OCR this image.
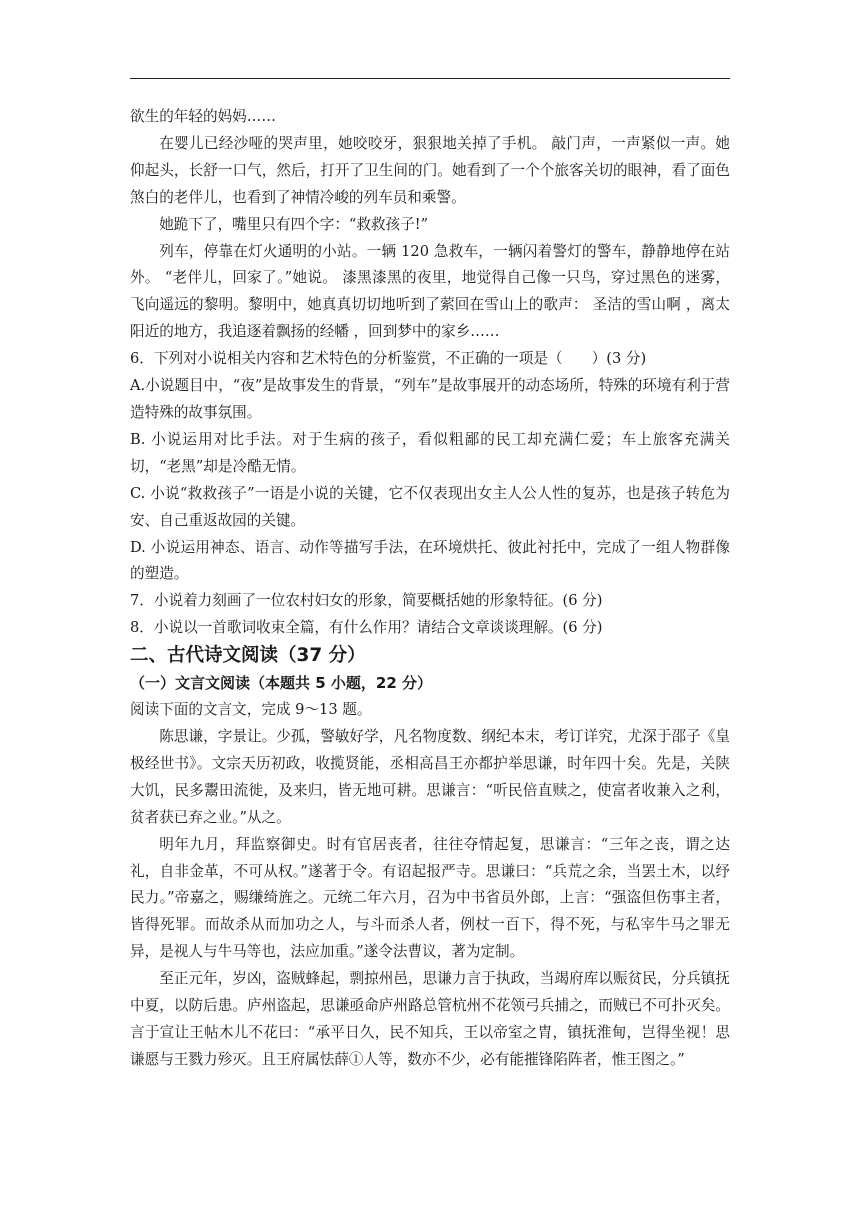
欲生的年轻的妈妈……

在婴儿已经沙哑的哭声里，她咬咬牙，狠狠地关掉了手机。 敲门声，一声紧似一声。她仰起头，长舒一口气，然后，打开了卫生间的门。她看到了一个个旅客关切的眼神，看了面色煞白的老伴儿，也看到了神情冷峻的列车员和乘警。

她跪下了，嘴里只有四个字：“救救孩子!”

列车，停靠在灯火通明的小站。一辆 120 急救车，一辆闪着警灯的警车，静静地停在站外。 “老伴儿，回家了。”她说。 漆黑漆黑的夜里，地觉得自己像一只鸟，穿过黑色的迷雾，飞向遥远的黎明。黎明中，她真真切切地听到了萦回在雪山上的歌声： 圣洁的雪山啊 ，离太阳近的地方，我追逐着飘扬的经幡 ，回到梦中的家乡……

6．下列对小说相关内容和艺术特色的分析鉴赏，不正确的一项是（　　）(3 分)

A.小说题目中，“夜”是故事发生的背景，“列车”是故事展开的动态场所，特殊的环境有利于营造特殊的故事氛围。

B. 小说运用对比手法。对于生病的孩子，看似粗鄙的民工却充满仁爱；车上旅客充满关切，“老黑”却是冷酷无情。

C. 小说“救救孩子”一语是小说的关键，它不仅表现出女主人公人性的复苏，也是孩子转危为安、自己重返故园的关键。

D. 小说运用神态、语言、动作等描写手法，在环境烘托、彼此衬托中，完成了一组人物群像的塑造。

7．小说着力刻画了一位农村妇女的形象，简要概括她的形象特征。(6 分)

8．小说以一首歌词收束全篇，有什么作用？请结合文章谈谈理解。(6 分)

二、古代诗文阅读（37 分）
（一）文言文阅读（本题共 5 小题，22 分）

阅读下面的文言文，完成 9～13 题。

陈思谦，字景让。少孤，警敏好学，凡名物度数、纲纪本末，考订详究，尤深于邵子《皇极经世书》。文宗天历初政，收揽贤能，丞相高昌王亦都护举思谦，时年四十矣。先是，关陕大饥，民多鬻田流徙，及来归，皆无地可耕。思谦言：“听民倍直赎之，使富者收兼入之利，贫者获已弃之业。”从之。

明年九月，拜监察御史。时有官居丧者，往往夺情起复，思谦言：“三年之丧，谓之达礼，自非金革，不可从权。”遂著于令。有诏起报严寺。思谦曰：“兵荒之余，当罢土木，以纾民力。”帝嘉之，赐缣绮旌之。元统二年六月，召为中书省员外郎，上言：“强盗但伤事主者，皆得死罪。而故杀从而加功之人，与斗而杀人者，例杖一百下，得不死，与私宰牛马之罪无异，是视人与牛马等也，法应加重。”遂令法曹议，著为定制。

至正元年，岁凶，盗贼蜂起，剽掠州邑，思谦力言于执政，当竭府库以赈贫民，分兵镇抚中夏，以防后患。庐州盗起，思谦亟命庐州路总管杭州不花领弓兵捕之，而贼已不可扑灭矣。言于宣让王帖木儿不花曰：“承平日久，民不知兵，王以帝室之胄，镇抚淮甸，岂得坐视！思谦愿与王戮力殄灭。且王府属怯薛①人等，数亦不少，必有能摧锋陷阵者，惟王图之。”
